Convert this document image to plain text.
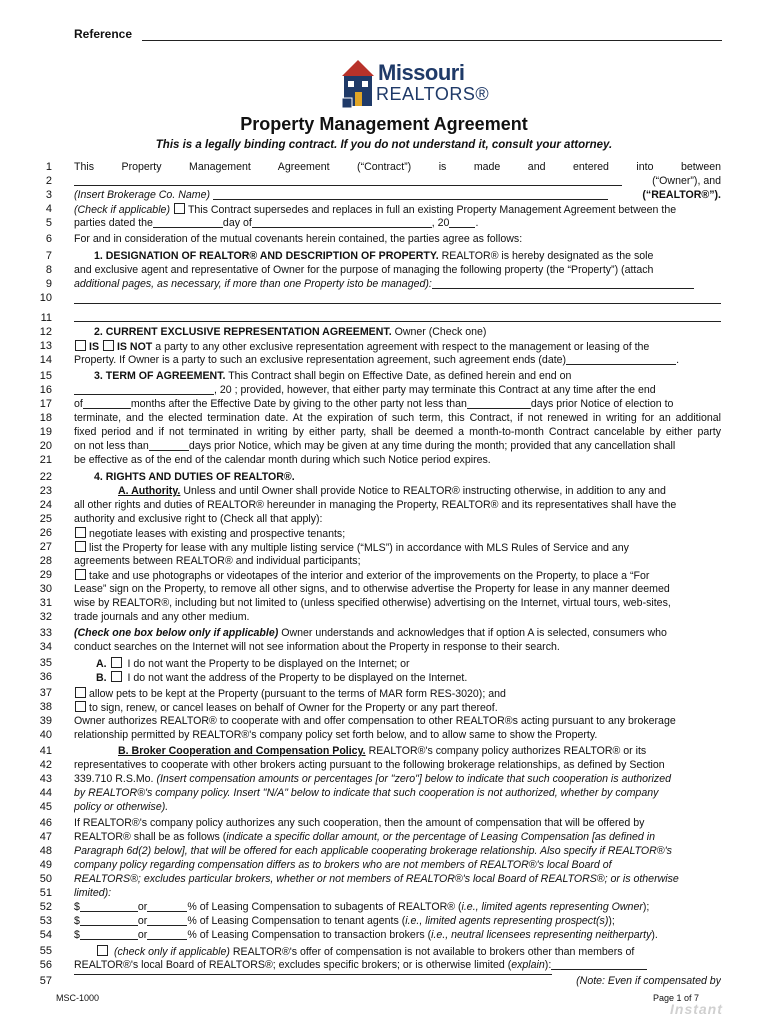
Reference
Missouri
REALTORS®
Property Management Agreement
This is a legally binding contract. If you do not understand it, consult your attorney.
1
2
3
4
5
6
7
8
9
10
11
12
13
14
15
16
17
18
19
20
21
22
23
24
25
26
27
28
29
30
31
32
33
34
35
36
37
38
39
40
41
42
43
44
45
46
47
48
49
50
51
52
53
54
55
56
57
This Property Management Agreement (“Contract”) is made and entered into between
(“Owner”), and
(Insert Brokerage Co. Name)	(“REALTOR®”).
(Check if applicable) This Contract supersedes and replaces in full an existing Property Management Agreement between the
parties dated the	day of	, 20 .
For and in consideration of the mutual covenants herein contained, the parties agree as follows:
1. DESIGNATION OF REALTOR® AND DESCRIPTION OF PROPERTY. REALTOR® is hereby designated as the sole
and exclusive agent and representative of Owner for the purpose of managing the following property (the “Property”) (attach
additional pages, as necessary, if more than one Property isto be managed):
2. CURRENT EXCLUSIVE REPRESENTATION AGREEMENT. Owner (Check one)
IS IS NOT a party to any other exclusive representation agreement with respect to the management or leasing of the
Property. If Owner is a party to such an exclusive representation agreement, such agreement ends (date)	.
3. TERM OF AGREEMENT. This Contract shall begin on Effective Date, as defined herein and end on
, 20 ; provided, however, that either party may terminate this Contract at any time after the end
of	months after the Effective Date by giving to the other party not less than	days prior Notice of election to
terminate, and the elected termination date. At the expiration of such term, this Contract, if not renewed in writing for an additional
fixed period and if not terminated in writing by either party, shall be deemed a month-to-month Contract cancelable by either party
on not less than	days prior Notice, which may be given at any time during the month; provided that any cancellation shall
be effective as of the end of the calendar month during which such Notice period expires.
4. RIGHTS AND DUTIES OF REALTOR®.
A. Authority. Unless and until Owner shall provide Notice to REALTOR® instructing otherwise, in addition to any and
all other rights and duties of REALTOR® hereunder in managing the Property, REALTOR® and its representatives shall have the
authority and exclusive right to (Check all that apply):
negotiate leases with existing and prospective tenants;
list the Property for lease with any multiple listing service (“MLS”) in accordance with MLS Rules of Service and any
agreements between REALTOR® and individual participants;
take and use photographs or videotapes of the interior and exterior of the improvements on the Property, to place a “For
Lease” sign on the Property, to remove all other signs, and to otherwise advertise the Property for lease in any manner deemed
wise by REALTOR®, including but not limited to (unless specified otherwise) advertising on the Internet, virtual tours, web-sites,
trade journals and any other medium.
(Check one box below only if applicable) Owner understands and acknowledges that if option A is selected, consumers who
conduct searches on the Internet will not see information about the Property in response to their search.
A. I do not want the Property to be displayed on the Internet; or
B. I do not want the address of the Property to be displayed on the Internet.
allow pets to be kept at the Property (pursuant to the terms of MAR form RES-3020); and
to sign, renew, or cancel leases on behalf of Owner for the Property or any part thereof.
Owner authorizes REALTOR® to cooperate with and offer compensation to other REALTOR®s acting pursuant to any brokerage
relationship permitted by REALTOR®'s company policy set forth below, and to allow same to show the Property.
B. Broker Cooperation and Compensation Policy. REALTOR®'s company policy authorizes REALTOR® or its
representatives to cooperate with other brokers acting pursuant to the following brokerage relationships, as defined by Section
339.710 R.S.Mo. (Insert compensation amounts or percentages [or "zero"] below to indicate that such cooperation is authorized
by REALTOR®'s company policy. Insert "N/A" below to indicate that such cooperation is not authorized, whether by company
policy or otherwise).
If REALTOR®'s company policy authorizes any such cooperation, then the amount of compensation that will be offered by
REALTOR® shall be as follows (indicate a specific dollar amount, or the percentage of Leasing Compensation [as defined in
Paragraph 6d(2) below], that will be offered for each applicable cooperating brokerage relationship. Also specify if REALTOR®'s
company policy regarding compensation differs as to brokers who are not members of REALTOR®'s local Board of
REALTORS®; excludes particular brokers, whether or not members of REALTOR®'s local Board of REALTORS®; or is otherwise
limited):
$	or	% of Leasing Compensation to subagents of REALTOR® (i.e., limited agents representing Owner);
$	or	% of Leasing Compensation to tenant agents (i.e., limited agents representing prospect(s));
$	or	% of Leasing Compensation to transaction brokers (i.e., neutral licensees representing neitherparty).
(check only if applicable) REALTOR®'s offer of compensation is not available to brokers other than members of
REALTOR®'s local Board of REALTORS®; excludes specific brokers; or is otherwise limited (explain):
(Note: Even if compensated by
MSC-1000	Page 1 of 7
Instant
